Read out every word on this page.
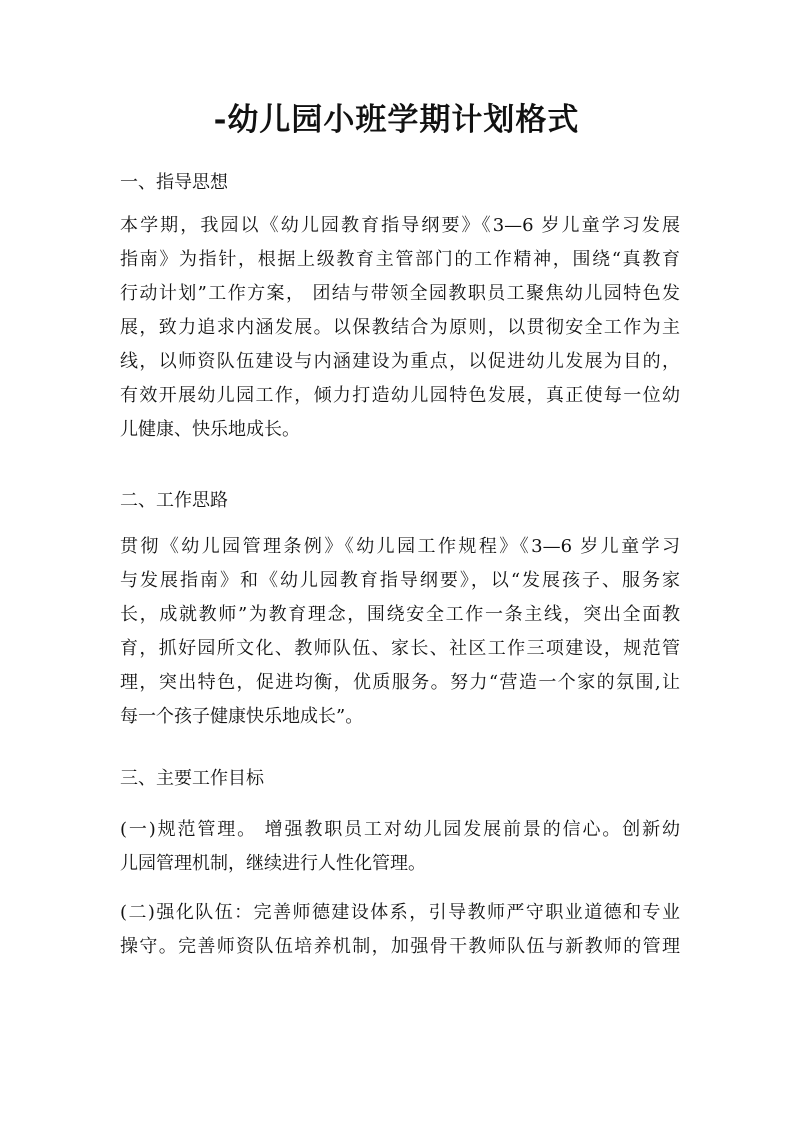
-幼儿园小班学期计划格式
一、指导思想
本学期，我园以《幼儿园教育指导纲要》《3—6 岁儿童学习发展
指南》为指针，根据上级教育主管部门的工作精神，围绕“真教育
行动计划”工作方案， 团结与带领全园教职员工聚焦幼儿园特色发
展，致力追求内涵发展。以保教结合为原则，以贯彻安全工作为主
线，以师资队伍建设与内涵建设为重点，以促进幼儿发展为目的，
有效开展幼儿园工作，倾力打造幼儿园特色发展，真正使每一位幼
儿健康、快乐地成长。
二、工作思路
贯彻《幼儿园管理条例》《幼儿园工作规程》《3—6 岁儿童学习
与发展指南》和《幼儿园教育指导纲要》，以“发展孩子、服务家
长，成就教师”为教育理念，围绕安全工作一条主线，突出全面教
育，抓好园所文化、教师队伍、家长、社区工作三项建设，规范管
理，突出特色，促进均衡，优质服务。努力“营造一个家的氛围,让
每一个孩子健康快乐地成长”。
三、主要工作目标
(一)规范管理。 增强教职员工对幼儿园发展前景的信心。创新幼
儿园管理机制，继续进行人性化管理。
(二)强化队伍：完善师德建设体系，引导教师严守职业道德和专业
操守。完善师资队伍培养机制，加强骨干教师队伍与新教师的管理
